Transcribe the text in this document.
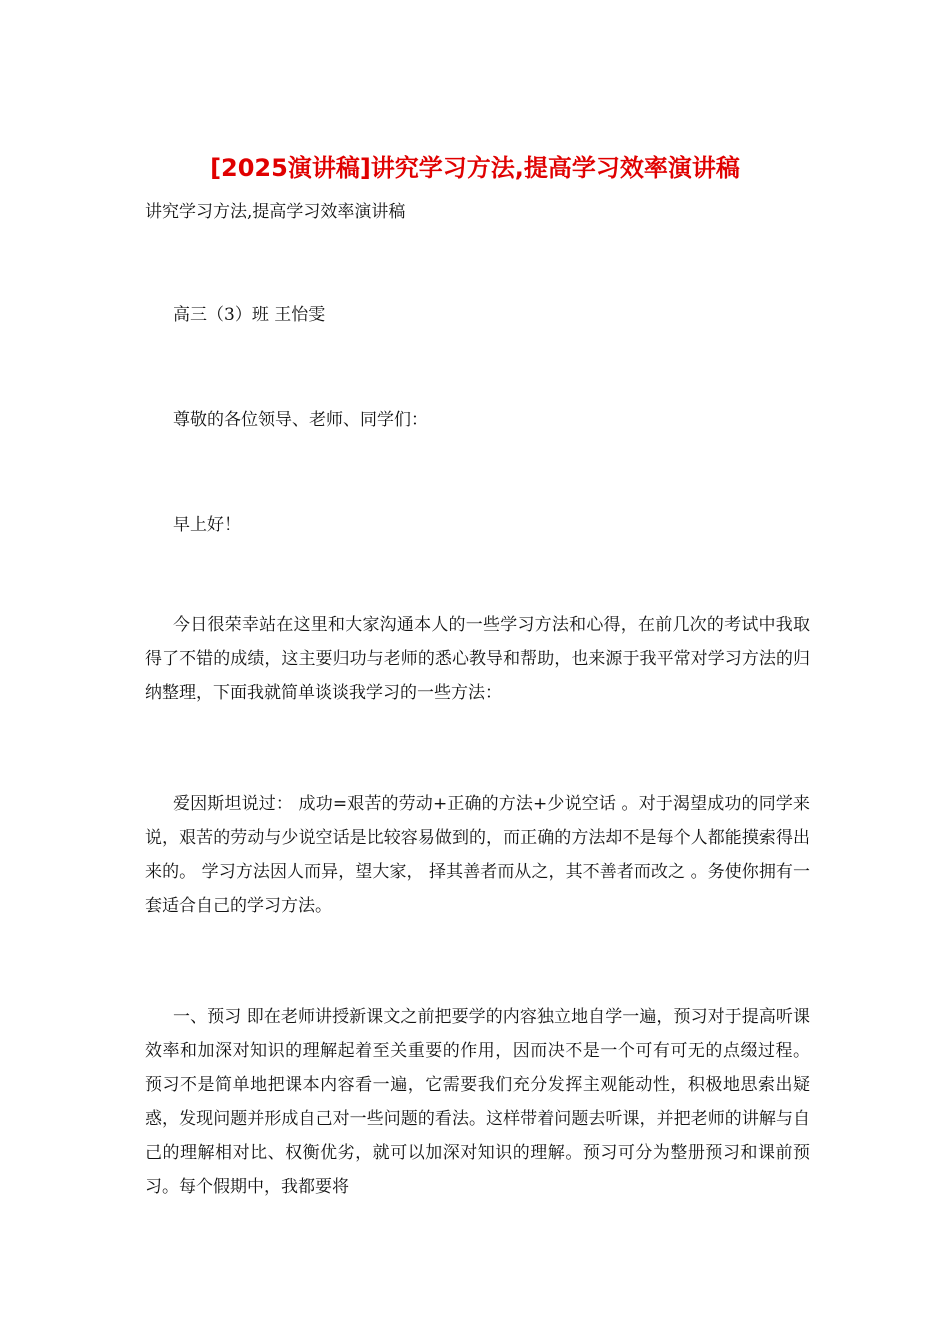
[2025演讲稿]讲究学习方法,提高学习效率演讲稿

讲究学习方法,提高学习效率演讲稿

高三（3）班 王怡雯

尊敬的各位领导、老师、同学们：

早上好！

今日很荣幸站在这里和大家沟通本人的一些学习方法和心得，在前几次的考试中我取得了不错的成绩，这主要归功与老师的悉心教导和帮助，也来源于我平常对学习方法的归纳整理，下面我就简单谈谈我学习的一些方法：

爱因斯坦说过： 成功=艰苦的劳动+正确的方法+少说空话 。对于渴望成功的同学来说，艰苦的劳动与少说空话是比较容易做到的，而正确的方法却不是每个人都能摸索得出来的。 学习方法因人而异，望大家， 择其善者而从之，其不善者而改之 。务使你拥有一套适合自己的学习方法。

一、预习 即在老师讲授新课文之前把要学的内容独立地自学一遍，预习对于提高听课效率和加深对知识的理解起着至关重要的作用，因而决不是一个可有可无的点缀过程。 预习不是简单地把课本内容看一遍，它需要我们充分发挥主观能动性，积极地思索出疑惑，发现问题并形成自己对一些问题的看法。这样带着问题去听课，并把老师的讲解与自己的理解相对比、权衡优劣，就可以加深对知识的理解。预习可分为整册预习和课前预习。每个假期中，我都要将
